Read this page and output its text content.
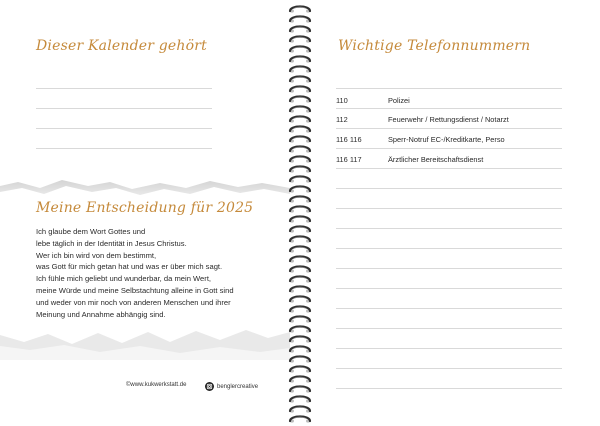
Dieser Kalender gehört
Meine Entscheidung für 2025
Ich glaube dem Wort Gottes und
lebe täglich in der Identität in Jesus Christus.
Wer ich bin wird von dem bestimmt,
was Gott für mich getan hat und was er über mich sagt.
Ich fühle mich geliebt und wunderbar, da mein Wert,
meine Würde und meine Selbstachtung alleine in Gott sind
und weder von mir noch von anderen Menschen und ihrer
Meinung und Annahme abhängig sind.
©www.kukwerkstatt.de	benglercreative
Wichtige Telefonnummern
110	Polizei
112	Feuerwehr / Rettungsdienst / Notarzt
116 116	Sperr-Notruf EC-/Kreditkarte, Perso
116 117	Ärztlicher Bereitschaftsdienst
